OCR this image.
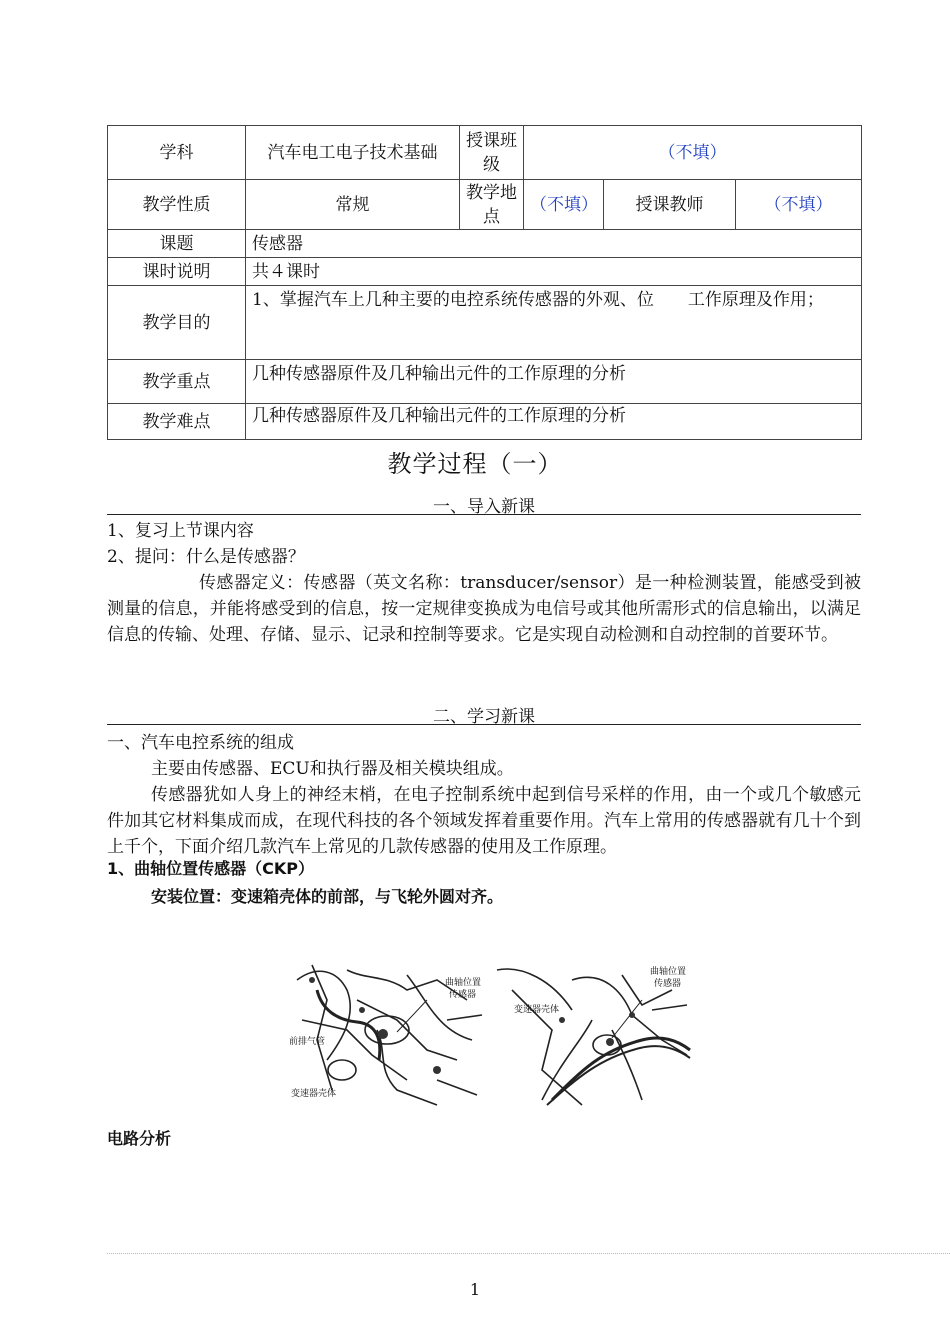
学科	汽车电工电子技术基础	授课班级	（不填）		
教学性质	常规	教学地点	（不填）	授课教师	（不填）
课题	传感器				
课时说明	共４课时				
教学目的	1、掌握汽车上几种主要的电控系统传感器的外观、位　　工作原理及作用；				
教学重点	几种传感器原件及几种输出元件的工作原理的分析				
教学难点	几种传感器原件及几种输出元件的工作原理的分析				
教学过程（一）
一、导入新课
1、复习上节课内容
2、提问：什么是传感器？
传感器定义：传感器（英文名称：transducer/sensor）是一种检测装置，能感受到被测量的信息，并能将感受到的信息，按一定规律变换成为电信号或其他所需形式的信息输出，以满足信息的传输、处理、存储、显示、记录和控制等要求。它是实现自动检测和自动控制的首要环节。
二、学习新课
一、汽车电控系统的组成
主要由传感器、ECU和执行器及相关模块组成。
传感器犹如人身上的神经末梢，在电子控制系统中起到信号采样的作用，由一个或几个敏感元件加其它材料集成而成，在现代科技的各个领域发挥着重要作用。汽车上常用的传感器就有几十个到上千个，下面介绍几款汽车上常见的几款传感器的使用及工作原理。
1、曲轴位置传感器（CKP）
安装位置：变速箱壳体的前部，与飞轮外圆对齐。
曲轴位置
传感器
前排气管
变速器壳体
曲轴位置
传感器
变速器壳体
电路分析
1
